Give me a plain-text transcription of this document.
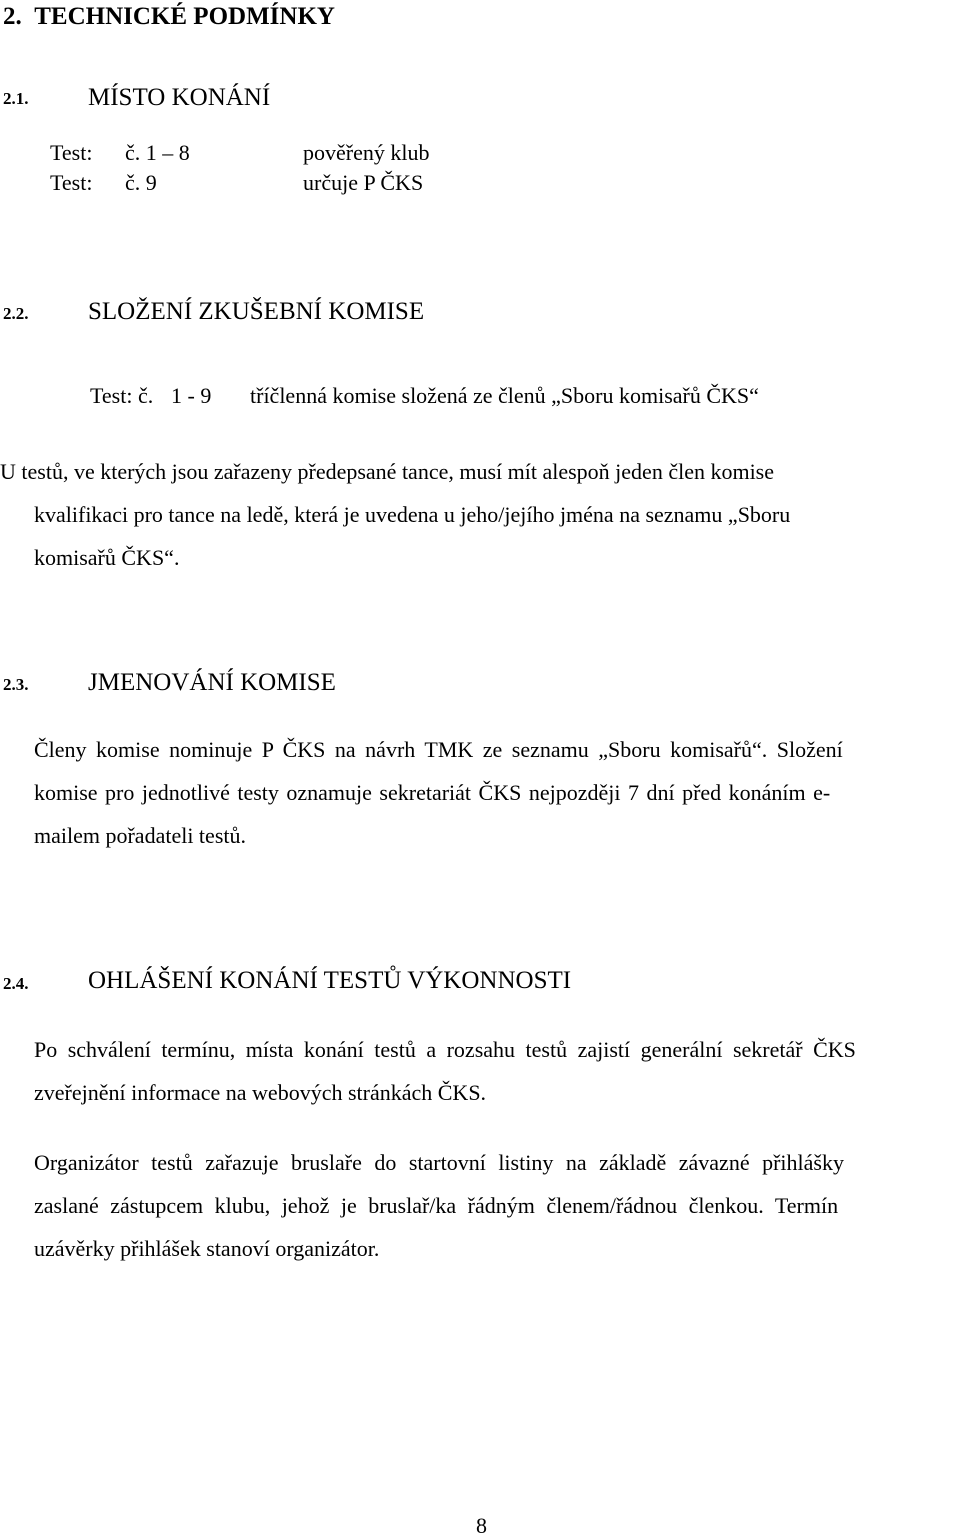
2. TECHNICKÉ PODMÍNKY
2.1. MÍSTO KONÁNÍ
Test: č. 1 – 8	pověřený klub
Test: č. 9	určuje P ČKS
2.2. SLOŽENÍ ZKUŠEBNÍ KOMISE
Test: č. 1 - 9 tříčlenná komise složená ze členů „Sboru komisařů ČKS“
U testů, ve kterých jsou zařazeny předepsané tance, musí mít alespoň jeden člen komise
kvalifikaci pro tance na ledě, která je uvedena u jeho/jejího jména na seznamu „Sboru
komisařů ČKS“.
2.3. JMENOVÁNÍ KOMISE
Členy komise nominuje P ČKS na návrh TMK ze seznamu „Sboru komisařů“. Složení
komise pro jednotlivé testy oznamuje sekretariát ČKS nejpozději 7 dní před konáním e-
mailem pořadateli testů.
2.4. OHLÁŠENÍ KONÁNÍ TESTŮ VÝKONNOSTI
Po schválení termínu, místa konání testů a rozsahu testů zajistí generální sekretář ČKS
zveřejnění informace na webových stránkách ČKS.
Organizátor testů zařazuje bruslaře do startovní listiny na základě závazné přihlášky
zaslané zástupcem klubu, jehož je bruslař/ka řádným členem/řádnou členkou. Termín
uzávěrky přihlášek stanoví organizátor.
8
